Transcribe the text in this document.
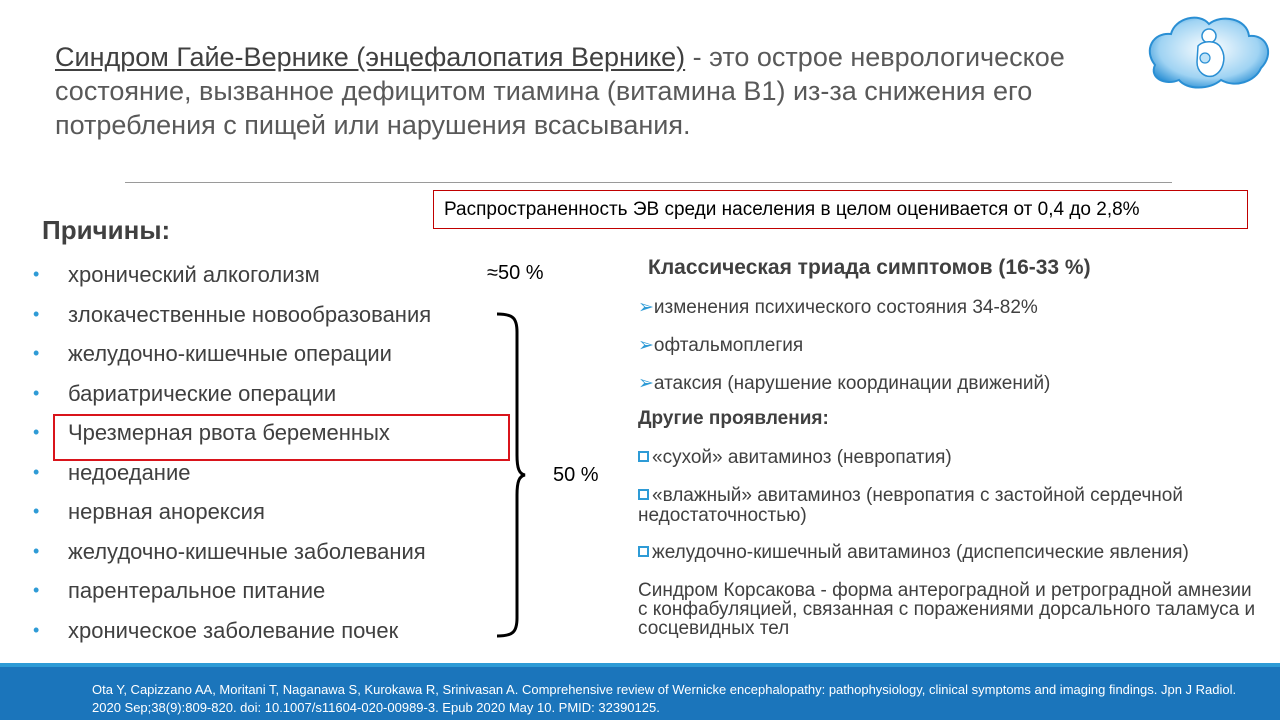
Синдром Гайе-Вернике (энцефалопатия Вернике) - это острое неврологическое состояние, вызванное дефицитом тиамина (витамина В1) из-за снижения его потребления с пищей или нарушения всасывания.

Распространенность ЭВ среди населения в целом оценивается от 0,4 до 2,8%
Причины:
• хронический алкоголизм
• злокачественные новообразования
• желудочно-кишечные операции
• бариатрические операции
• Чрезмерная рвота беременных
• недоедание
• нервная анорексия
• желудочно-кишечные заболевания
• парентеральное питание
• хроническое заболевание почек
≈50 %
50 %
Классическая триада симптомов (16-33 %)
➢изменения психического состояния 34-82%
➢офтальмоплегия
➢атаксия (нарушение координации движений)
Другие проявления:
«сухой» авитаминоз (невропатия)
«влажный» авитаминоз (невропатия с застойной сердечной недостаточностью)
желудочно-кишечный авитаминоз (диспепсические явления)

Синдром Корсакова - форма антероградной и ретроградной амнезии с конфабуляцией, связанная с поражениями дорсального таламуса и сосцевидных тел

Ota Y, Capizzano AA, Moritani T, Naganawa S, Kurokawa R, Srinivasan A. Comprehensive review of Wernicke encephalopathy: pathophysiology, clinical symptoms and imaging findings. Jpn J Radiol. 2020 Sep;38(9):809-820. doi: 10.1007/s11604-020-00989-3. Epub 2020 May 10. PMID: 32390125.
